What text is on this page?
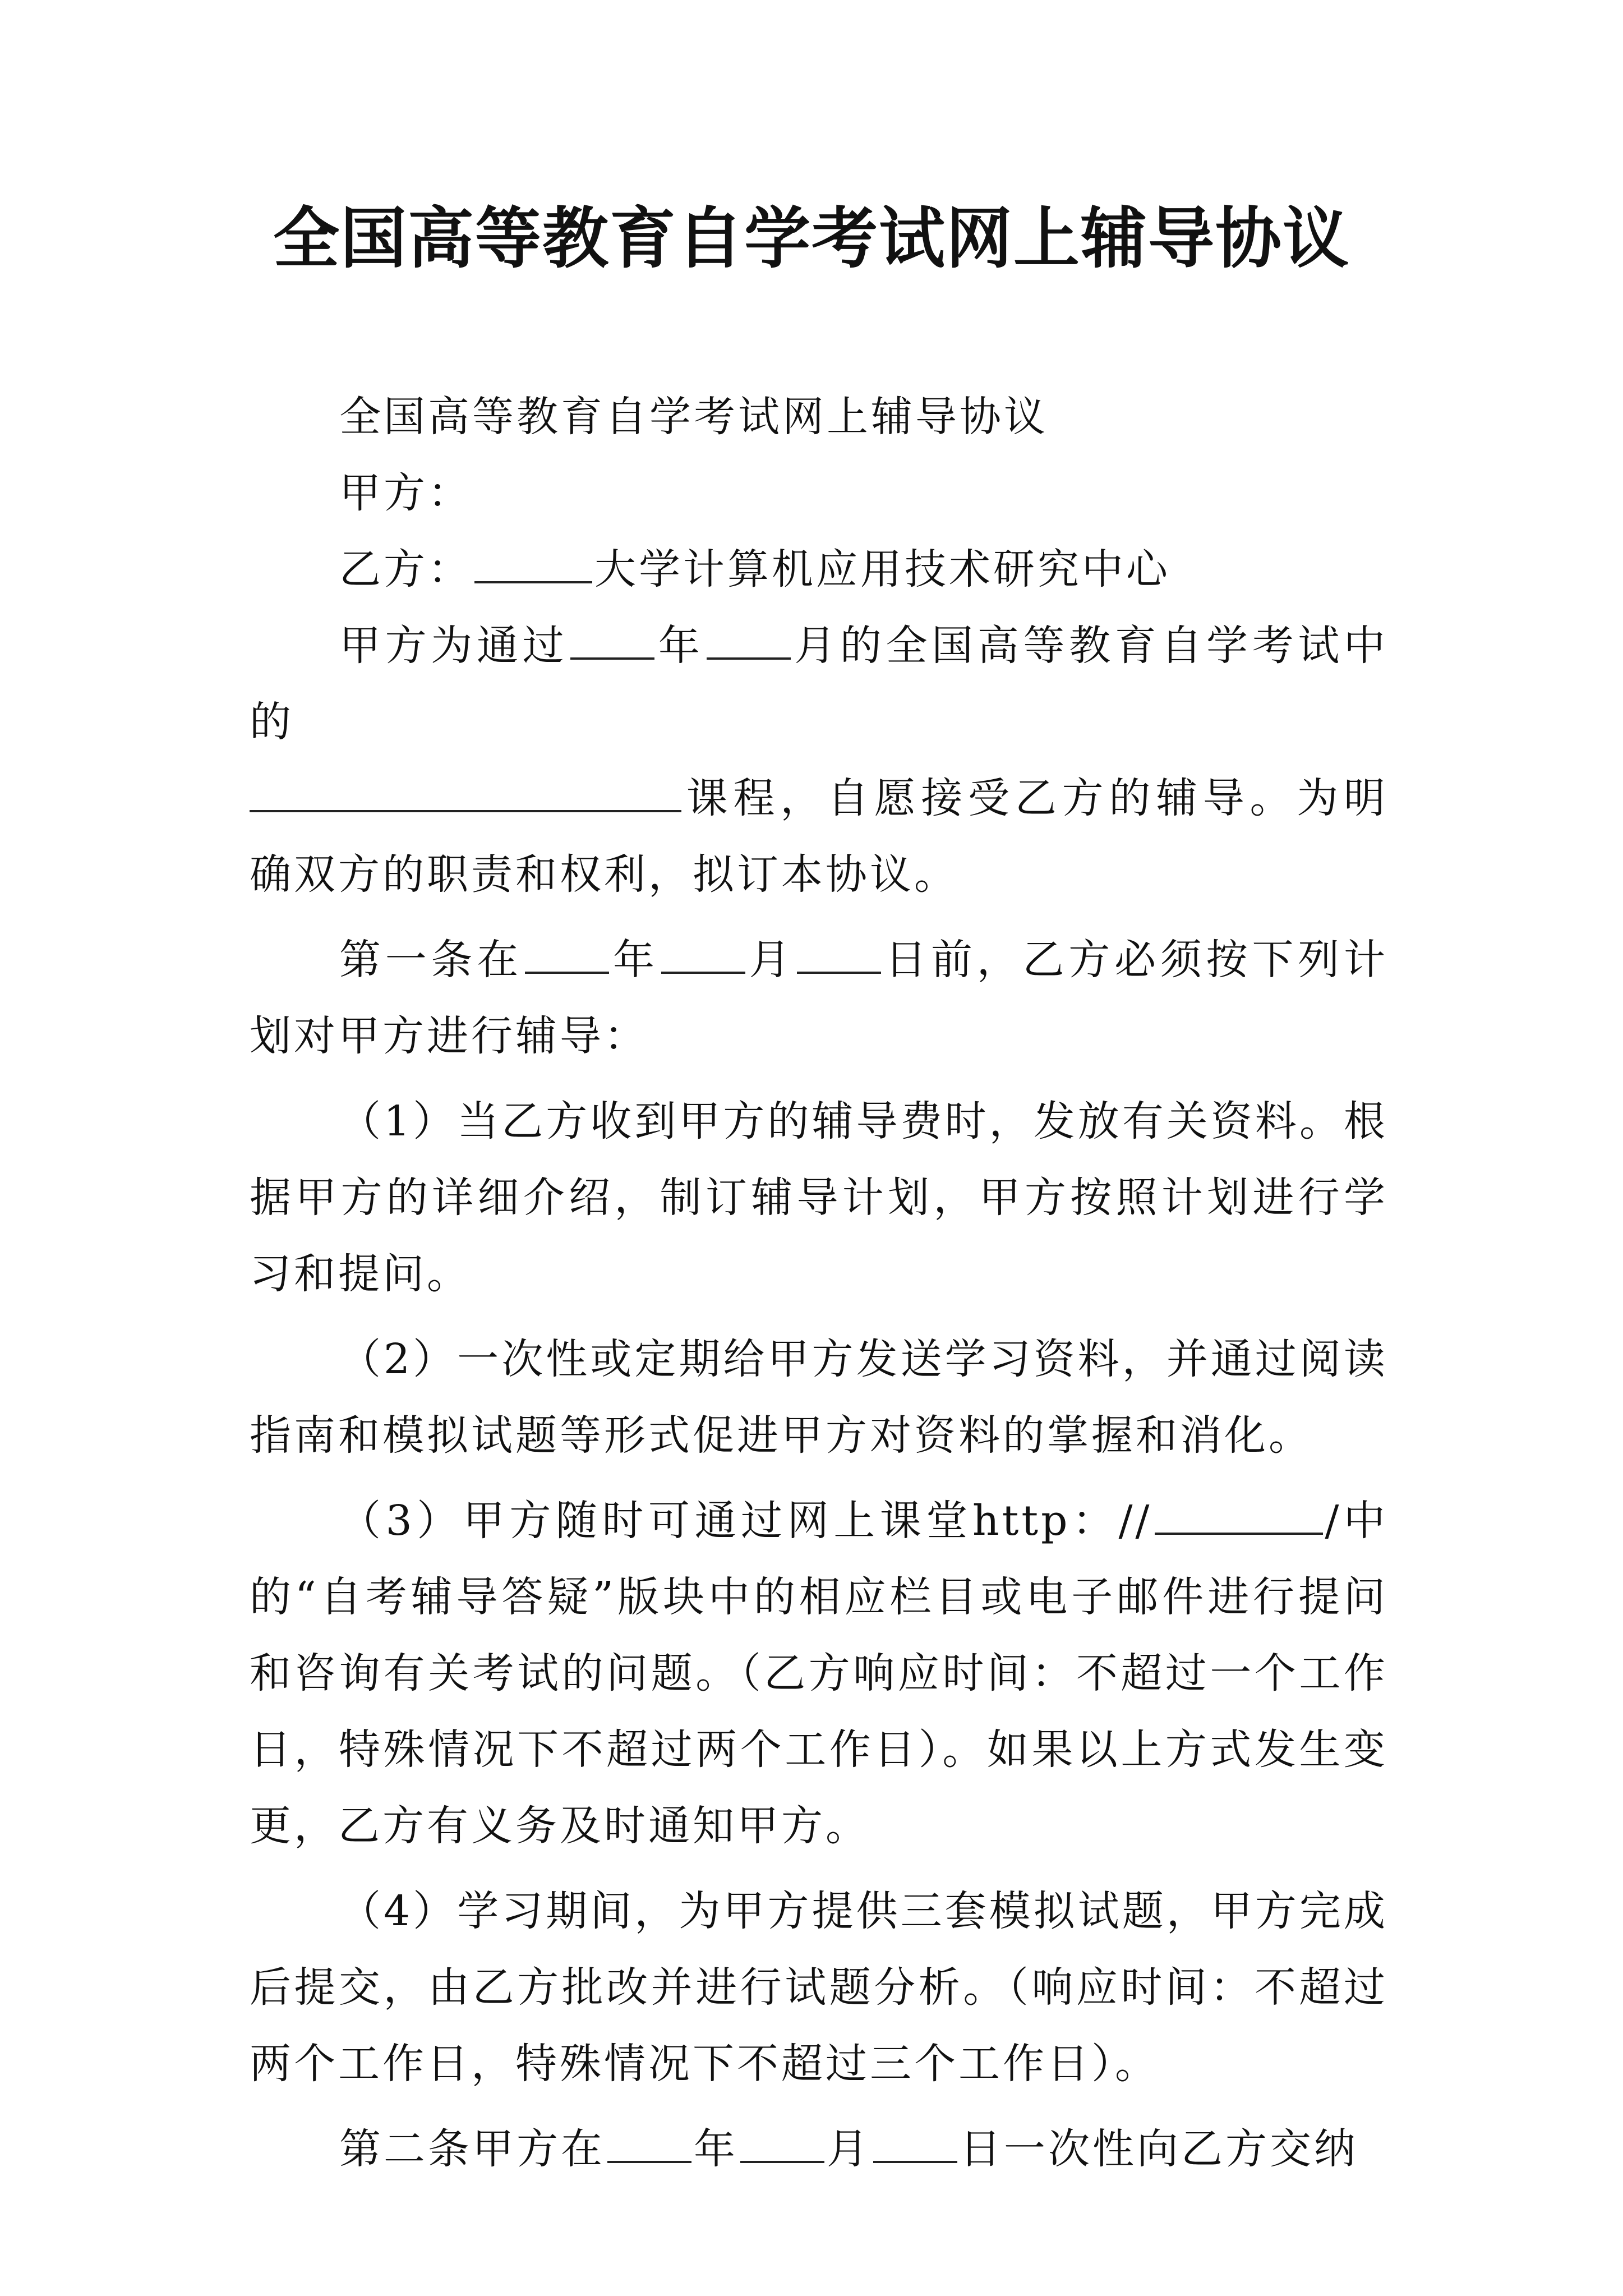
全国高等教育自学考试网上辅导协议

全国高等教育自学考试网上辅导协议

甲方：

乙方：	大学计算机应用技术研究中心

甲方为通过 年 月的全国高等教育自学考试中的
课程，自愿接受乙方的辅导。为明确双方的职责和权利，拟订本协议。

第一条在 年 月 日前，乙方必须按下列计划对甲方进行辅导：

（1）当乙方收到甲方的辅导费时，发放有关资料。根据甲方的详细介绍，制订辅导计划，甲方按照计划进行学习和提问。

（2）一次性或定期给甲方发送学习资料，并通过阅读指南和模拟试题等形式促进甲方对资料的掌握和消化。

（3）甲方随时可通过网上课堂http：//	/中的“自考辅导答疑”版块中的相应栏目或电子邮件进行提问和咨询有关考试的问题。（乙方响应时间：不超过一个工作日，特殊情况下不超过两个工作日）。如果以上方式发生变更，乙方有义务及时通知甲方。

（4）学习期间，为甲方提供三套模拟试题，甲方完成后提交，由乙方批改并进行试题分析。（响应时间：不超过两个工作日，特殊情况下不超过三个工作日）。

第二条甲方在 年 月 日一次性向乙方交纳
